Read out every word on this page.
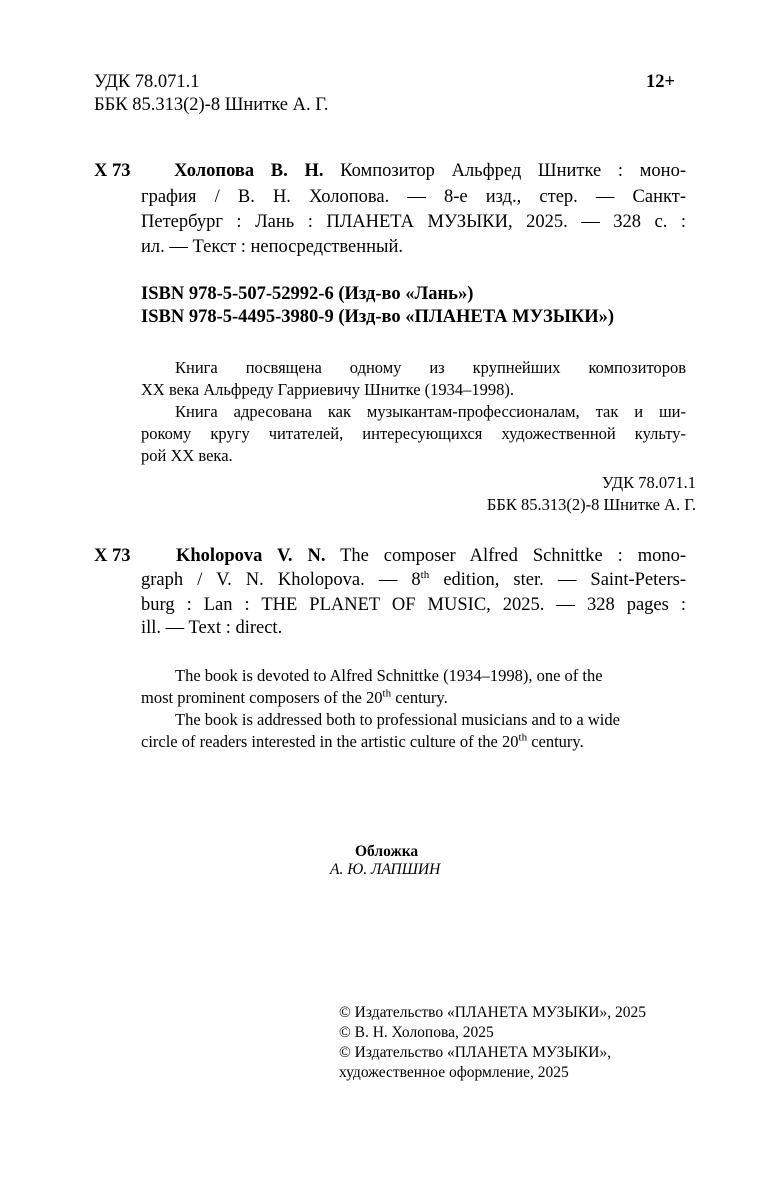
УДК 78.071.1
ББК 85.313(2)-8 Шнитке А. Г.
12+
Х 73 Холопова В. Н. Композитор Альфред Шнитке : моно-
графия / В. Н. Холопова. — 8-е изд., стер. — Санкт-
Петербург : Лань : ПЛАНЕТА МУЗЫКИ, 2025. — 328 с. :
ил. — Текст : непосредственный.
ISBN 978-5-507-52992-6 (Изд-во «Лань»)
ISBN 978-5-4495-3980-9 (Изд-во «ПЛАНЕТА МУЗЫКИ»)
Книга посвящена одному из крупнейших композиторов
XX века Альфреду Гарриевичу Шнитке (1934–1998).
Книга адресована как музыкантам-профессионалам, так и ши-
рокому кругу читателей, интересующихся художественной культу-
рой XX века.
УДК 78.071.1
ББК 85.313(2)-8 Шнитке А. Г.
Х 73 Kholopova V. N. The composer Alfred Schnittke : mono-
graph / V. N. Kholopova. — 8th edition, ster. — Saint-Peters-
burg : Lan : THE PLANET OF MUSIC, 2025. — 328 pages :
ill. — Text : direct.
The book is devoted to Alfred Schnittke (1934–1998), one of the
most prominent composers of the 20th century.
The book is addressed both to professional musicians and to a wide
circle of readers interested in the artistic culture of the 20th century.
Обложка
А. Ю. ЛАПШИН
© Издательство «ПЛАНЕТА МУЗЫКИ», 2025
© В. Н. Холопова, 2025
© Издательство «ПЛАНЕТА МУЗЫКИ»,
художественное оформление, 2025
